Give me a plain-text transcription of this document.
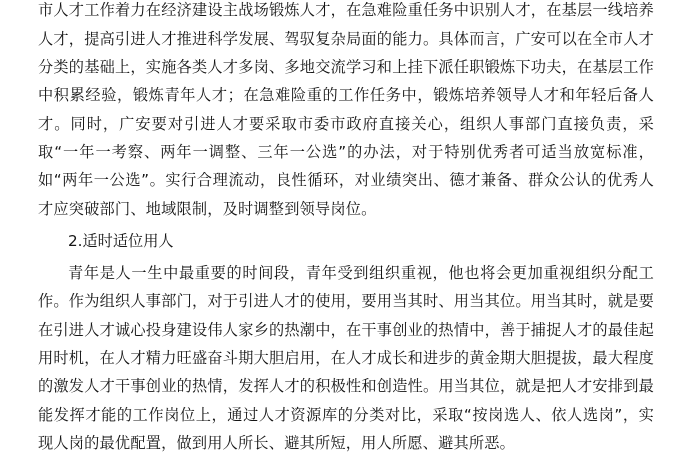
市人才工作着力在经济建设主战场锻炼人才，在急难险重任务中识别人才，在基层一线培养
人才，提高引进人才推进科学发展、驾驭复杂局面的能力。具体而言，广安可以在全市人才
分类的基础上，实施各类人才多岗、多地交流学习和上挂下派任职锻炼下功夫，在基层工作
中积累经验，锻炼青年人才；在急难险重的工作任务中，锻炼培养领导人才和年轻后备人
才。同时，广安要对引进人才要采取市委市政府直接关心，组织人事部门直接负责，采
取“一年一考察、两年一调整、三年一公选”的办法，对于特别优秀者可适当放宽标准，
如“两年一公选”。实行合理流动，良性循环，对业绩突出、德才兼备、群众公认的优秀人
才应突破部门、地域限制，及时调整到领导岗位。
2.适时适位用人
青年是人一生中最重要的时间段，青年受到组织重视，他也将会更加重视组织分配工
作。作为组织人事部门，对于引进人才的使用，要用当其时、用当其位。用当其时，就是要
在引进人才诚心投身建设伟人家乡的热潮中，在干事创业的热情中，善于捕捉人才的最佳起
用时机，在人才精力旺盛奋斗期大胆启用，在人才成长和进步的黄金期大胆提拔，最大程度
的激发人才干事创业的热情，发挥人才的积极性和创造性。用当其位，就是把人才安排到最
能发挥才能的工作岗位上，通过人才资源库的分类对比，采取“按岗选人、依人选岗”，实
现人岗的最优配置，做到用人所长、避其所短，用人所愿、避其所恶。
